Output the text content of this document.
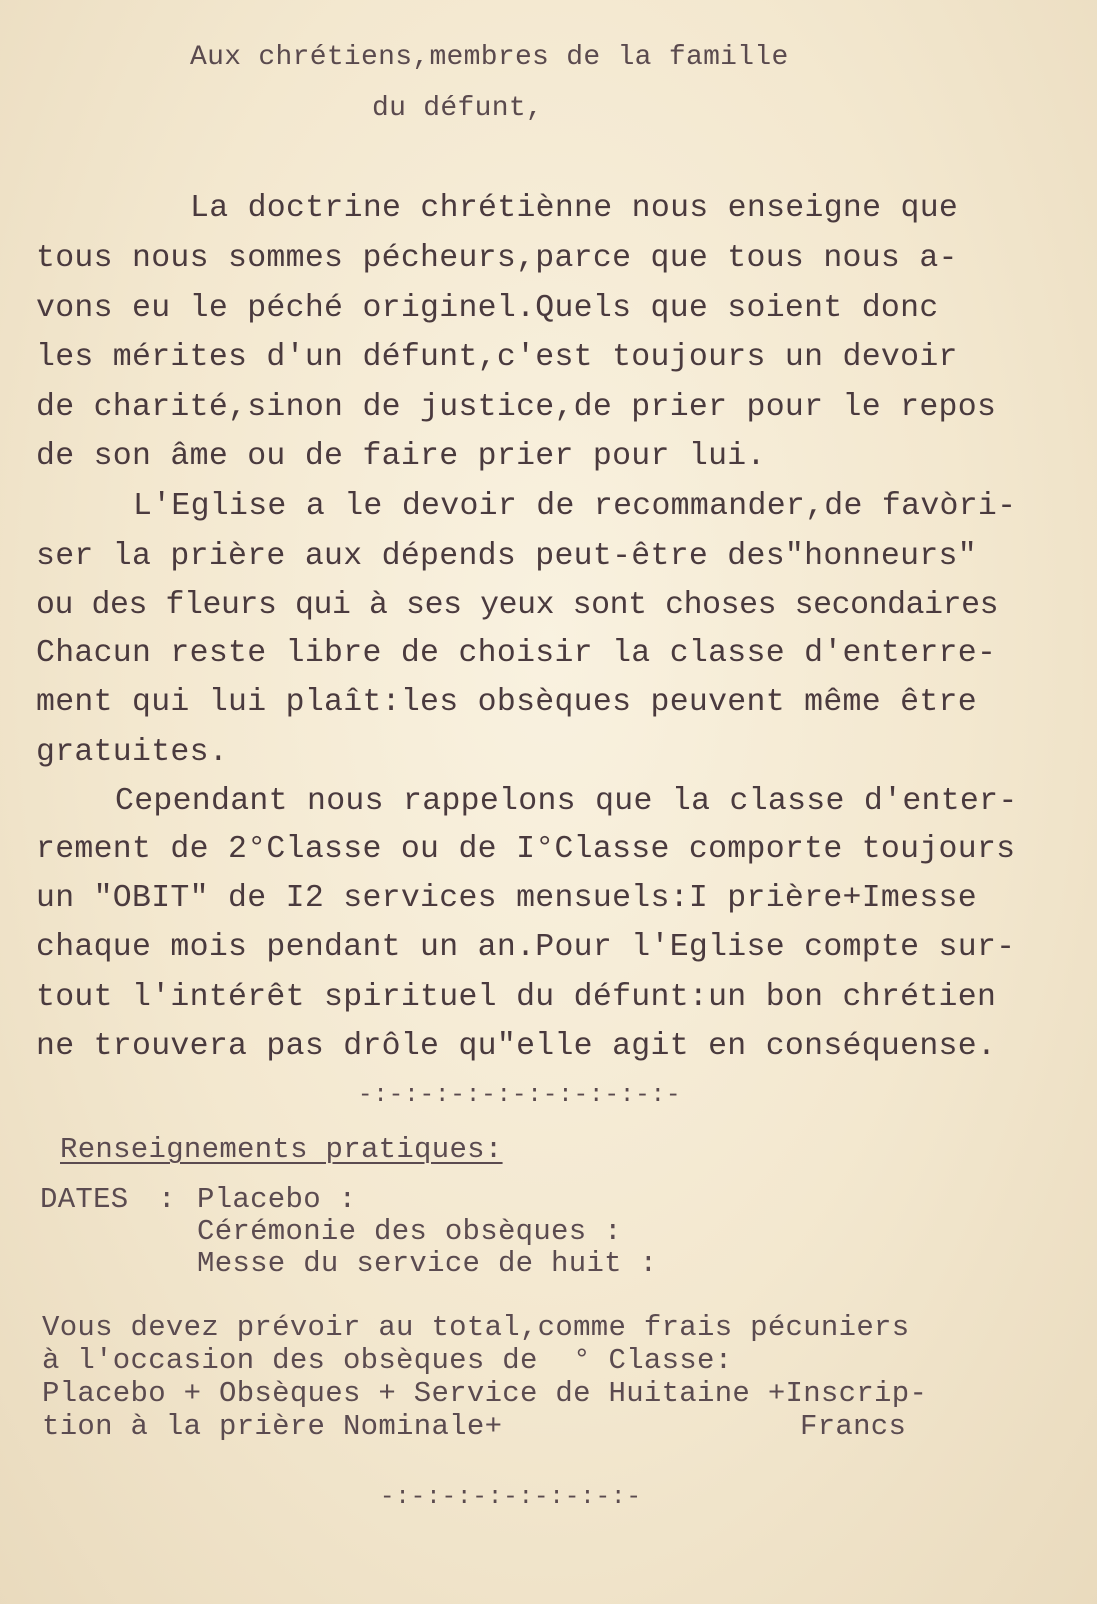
Aux chrétiens,membres de la famille
du défunt,
La doctrine chrétiènne nous enseigne que
tous nous sommes pécheurs,parce que tous nous a-
vons eu le péché originel.Quels que soient donc
les mérites d'un défunt,c'est toujours un devoir
de charité,sinon de justice,de prier pour le repos
de son âme ou de faire prier pour lui.
L'Eglise a le devoir de recommander,de favòri-
ser la prière aux dépends peut-être des"honneurs"
ou des fleurs qui à ses yeux sont choses secondaires
Chacun reste libre de choisir la classe d'enterre-
ment qui lui plaît:les obsèques peuvent même être
gratuites.
Cependant nous rappelons que la classe d'enter-
rement de 2°Classe ou de I°Classe comporte toujours
un "OBIT" de I2 services mensuels:I prière+Imesse
chaque mois pendant un an.Pour l'Eglise compte sur-
tout l'intérêt spirituel du défunt:un bon chrétien
ne trouvera pas drôle qu"elle agit en conséquense.
-:-:-:-:-:-:-:-:-:-:-
Renseignements pratiques:
DATES : Placebo :
Cérémonie des obsèques :
Messe du service de huit :
Vous devez prévoir au total,comme frais pécuniers
à l'occasion des obsèques de  ° Classe:
Placebo + Obsèques + Service de Huitaine +Inscrip-
tion à la prière Nominale+	Francs
-:-:-:-:-:-:-:-:-
